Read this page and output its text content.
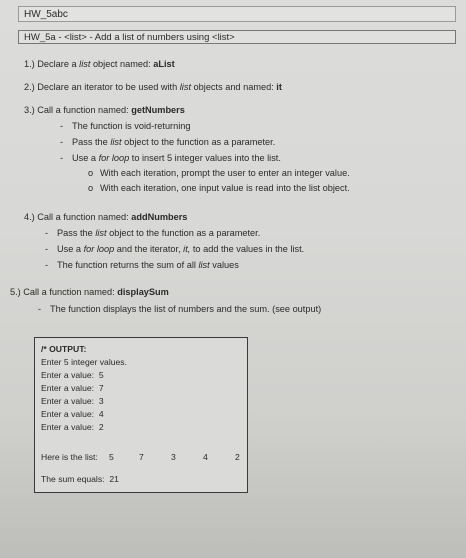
HW_5abc
HW_5a - <list> - Add a list of numbers using <list>
1.) Declare a list object named: aList
2.) Declare an iterator to be used with list objects and named: it
3.) Call a function named: getNumbers
- The function is void-returning
- Pass the list object to the function as a parameter.
- Use a for loop to insert 5 integer values into the list.
o With each iteration, prompt the user to enter an integer value.
o With each iteration, one input value is read into the list object.
4.) Call a function named: addNumbers
- Pass the list object to the function as a parameter.
- Use a for loop and the iterator, it, to add the values in the list.
- The function returns the sum of all list values
5.) Call a function named: displaySum
- The function displays the list of numbers and the sum. (see output)
/* OUTPUT:
Enter 5 integer values.
Enter a value: 5
Enter a value: 7
Enter a value: 3
Enter a value: 4
Enter a value: 2
Here is the list: 5	7	3	4	2
The sum equals: 21
